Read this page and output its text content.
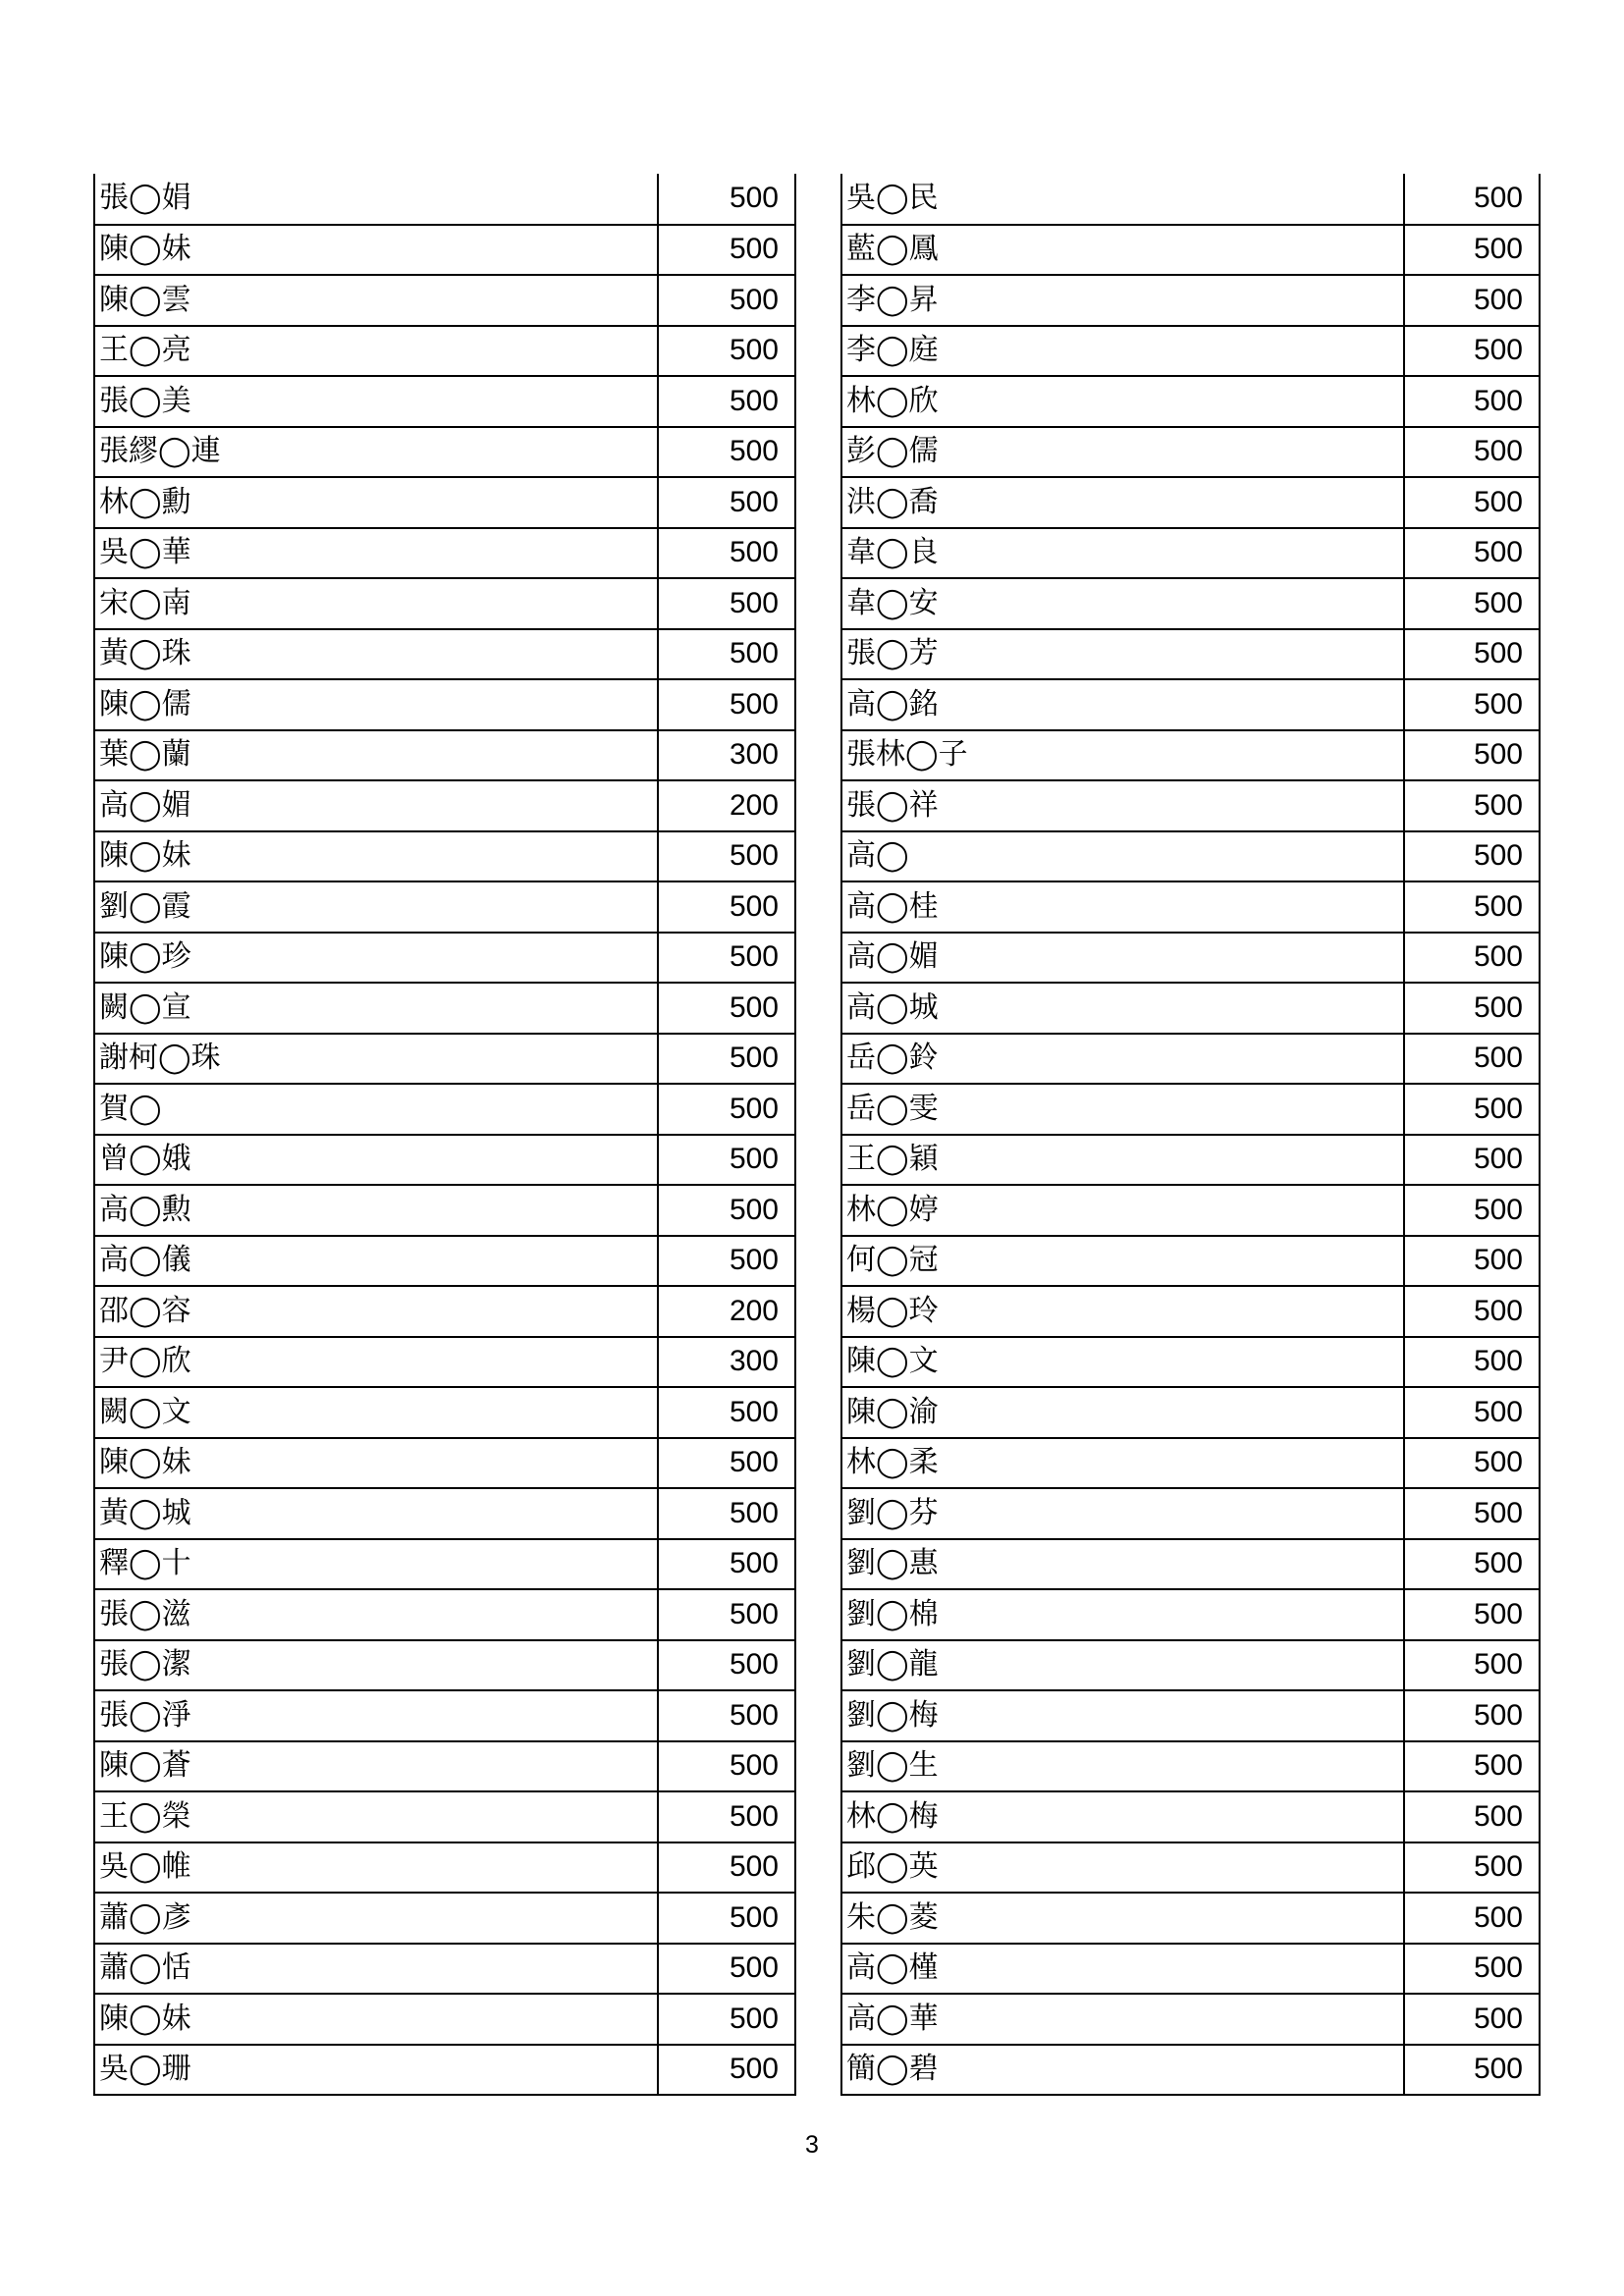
張◯娟	500
陳◯妹	500
陳◯雲	500
王◯亮	500
張◯美	500
張繆◯連	500
林◯勳	500
吳◯華	500
宋◯南	500
黃◯珠	500
陳◯儒	500
葉◯蘭	300
高◯媚	200
陳◯妹	500
劉◯霞	500
陳◯珍	500
闕◯宣	500
謝柯◯珠	500
賀◯	500
曾◯娥	500
高◯勲	500
高◯儀	500
邵◯容	200
尹◯欣	300
闕◯文	500
陳◯妹	500
黃◯城	500
釋◯十	500
張◯滋	500
張◯潔	500
張◯淨	500
陳◯蒼	500
王◯榮	500
吳◯帷	500
蕭◯彥	500
蕭◯恬	500
陳◯妹	500
吳◯珊	500
吳◯民	500
藍◯鳳	500
李◯昇	500
李◯庭	500
林◯欣	500
彭◯儒	500
洪◯喬	500
韋◯良	500
韋◯安	500
張◯芳	500
高◯銘	500
張林◯子	500
張◯祥	500
高◯	500
高◯桂	500
高◯媚	500
高◯城	500
岳◯鈴	500
岳◯雯	500
王◯穎	500
林◯婷	500
何◯冠	500
楊◯玲	500
陳◯文	500
陳◯渝	500
林◯柔	500
劉◯芬	500
劉◯惠	500
劉◯棉	500
劉◯龍	500
劉◯梅	500
劉◯生	500
林◯梅	500
邱◯英	500
朱◯菱	500
高◯槿	500
高◯華	500
簡◯碧	500
3
